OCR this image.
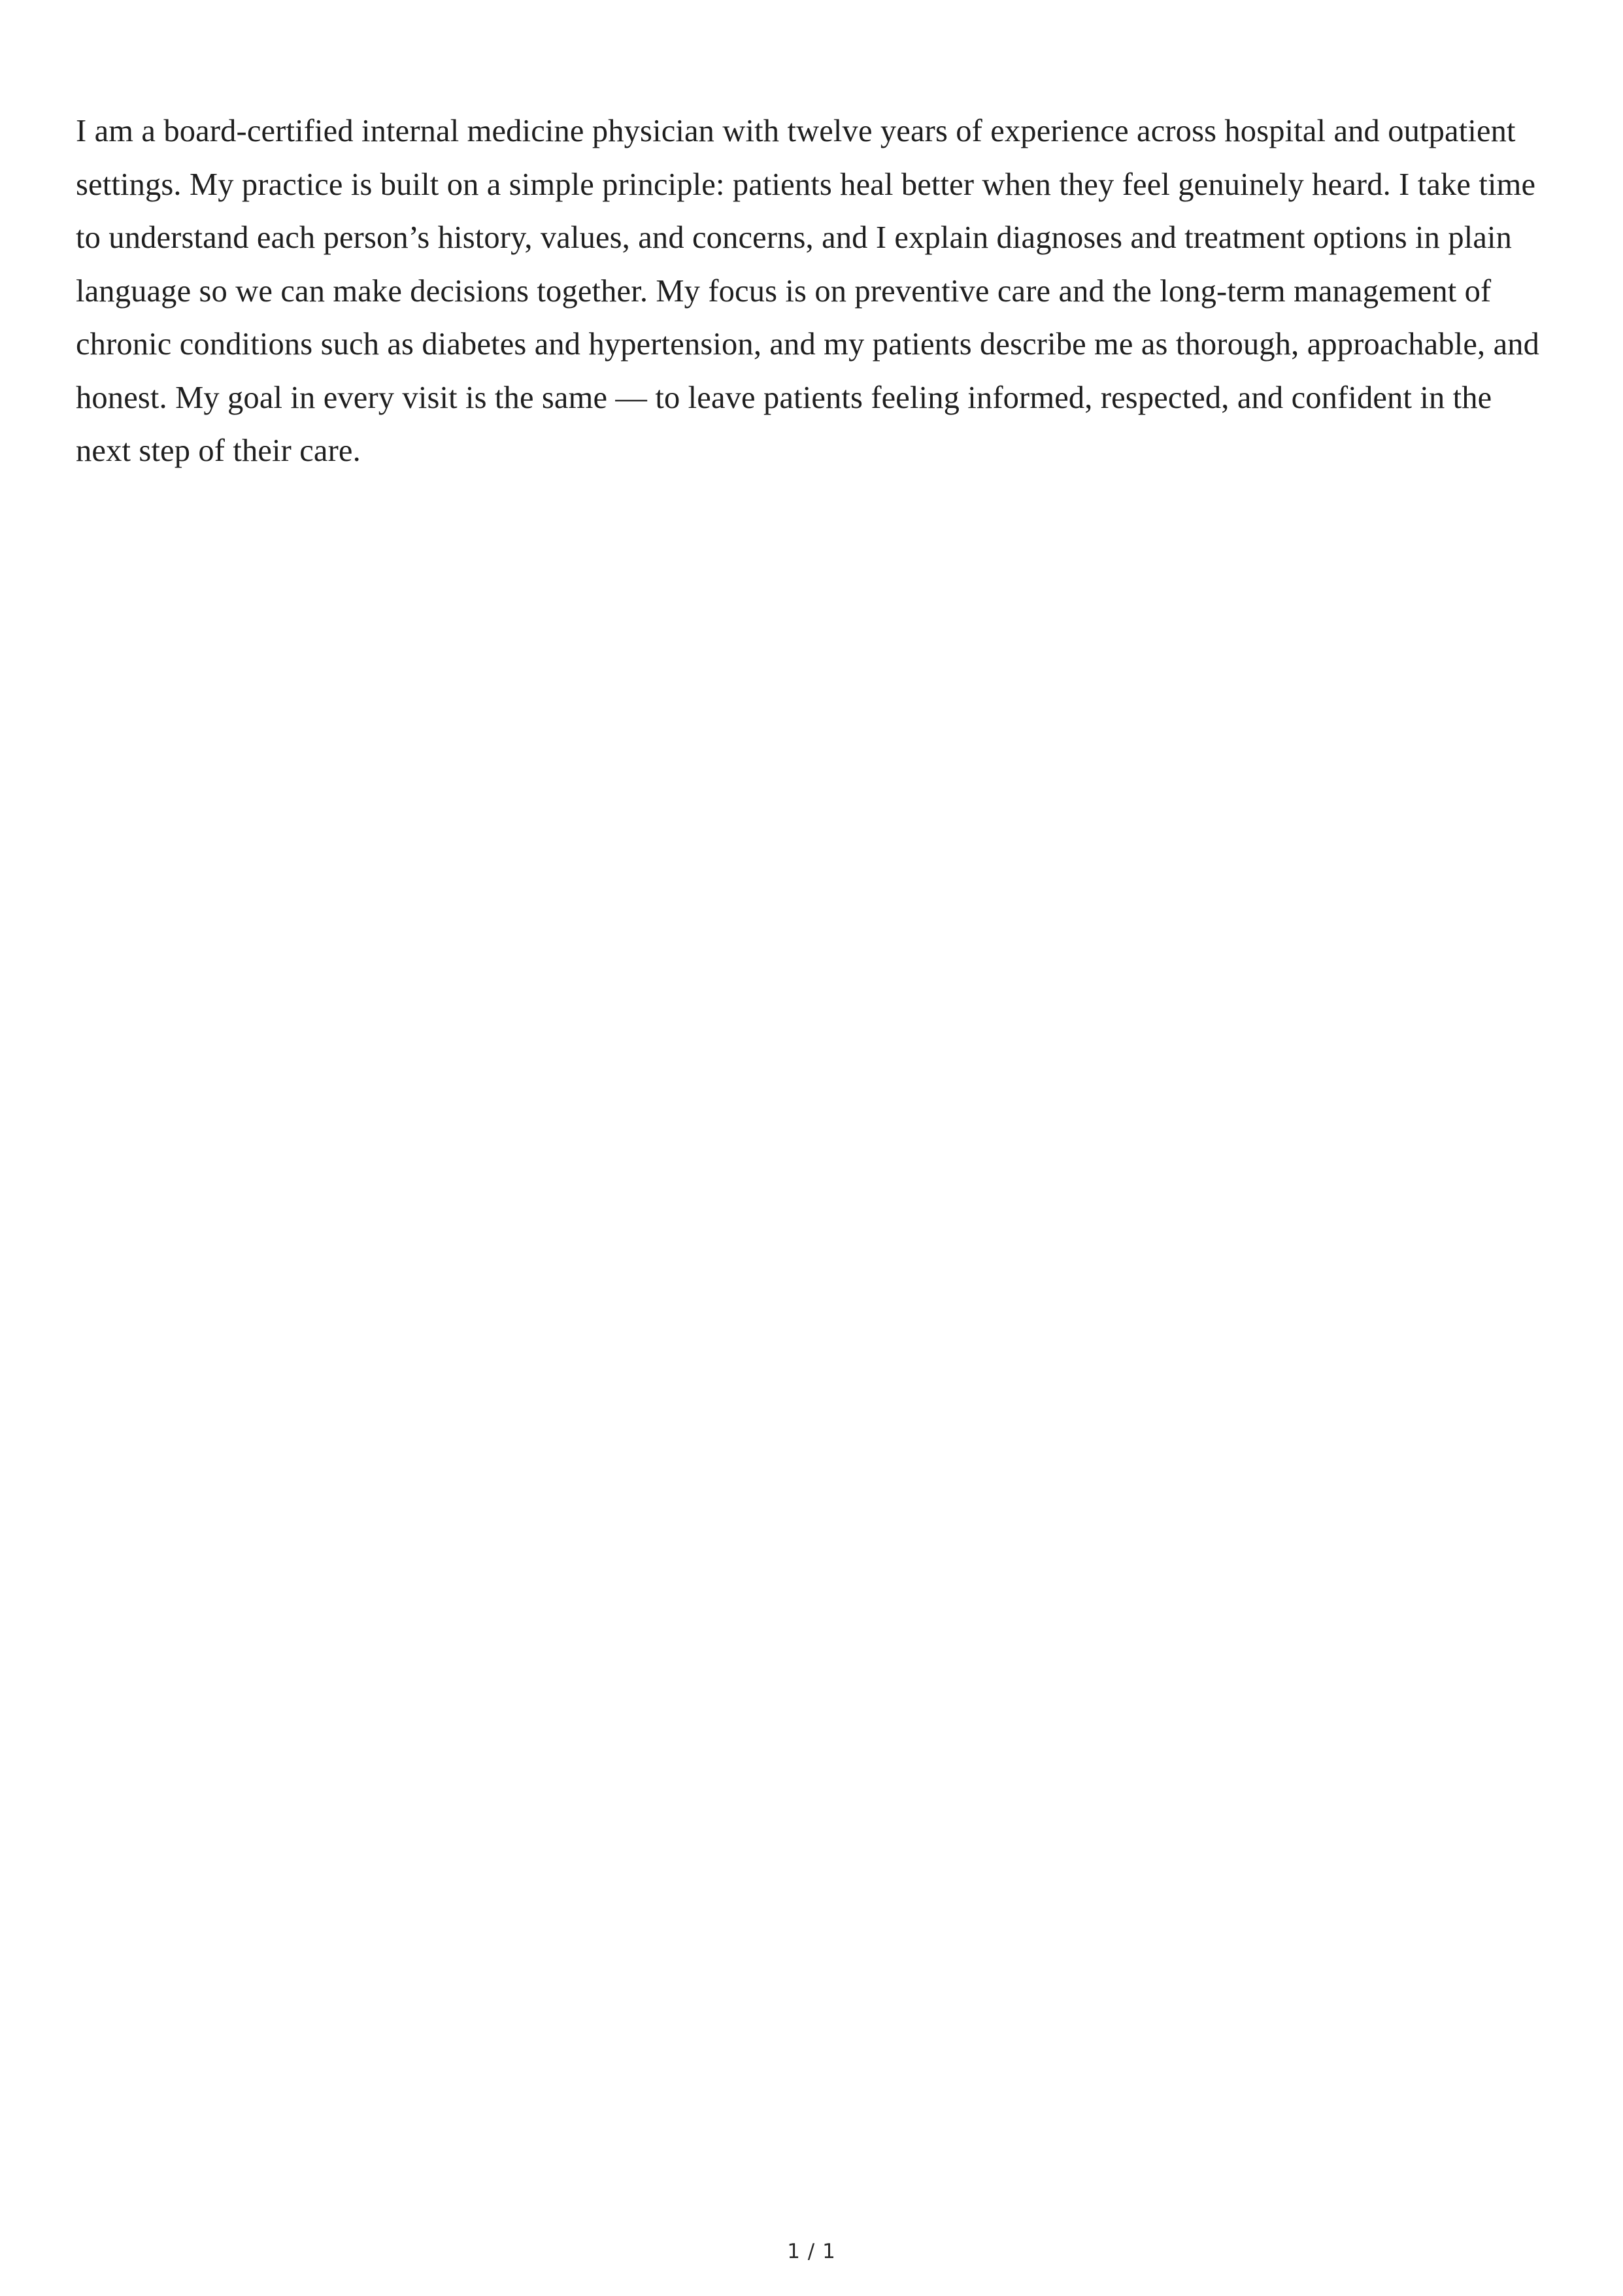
I am a board-certified internal medicine physician with twelve years of experience across hospital and outpatient settings. My practice is built on a simple principle: patients heal better when they feel genuinely heard. I take time to understand each person’s history, values, and concerns, and I explain diagnoses and treatment options in plain language so we can make decisions together. My focus is on preventive care and the long-term management of chronic conditions such as diabetes and hypertension, and my patients describe me as thorough, approachable, and honest. My goal in every visit is the same — to leave patients feeling informed, respected, and confident in the next step of their care.

1 / 1
